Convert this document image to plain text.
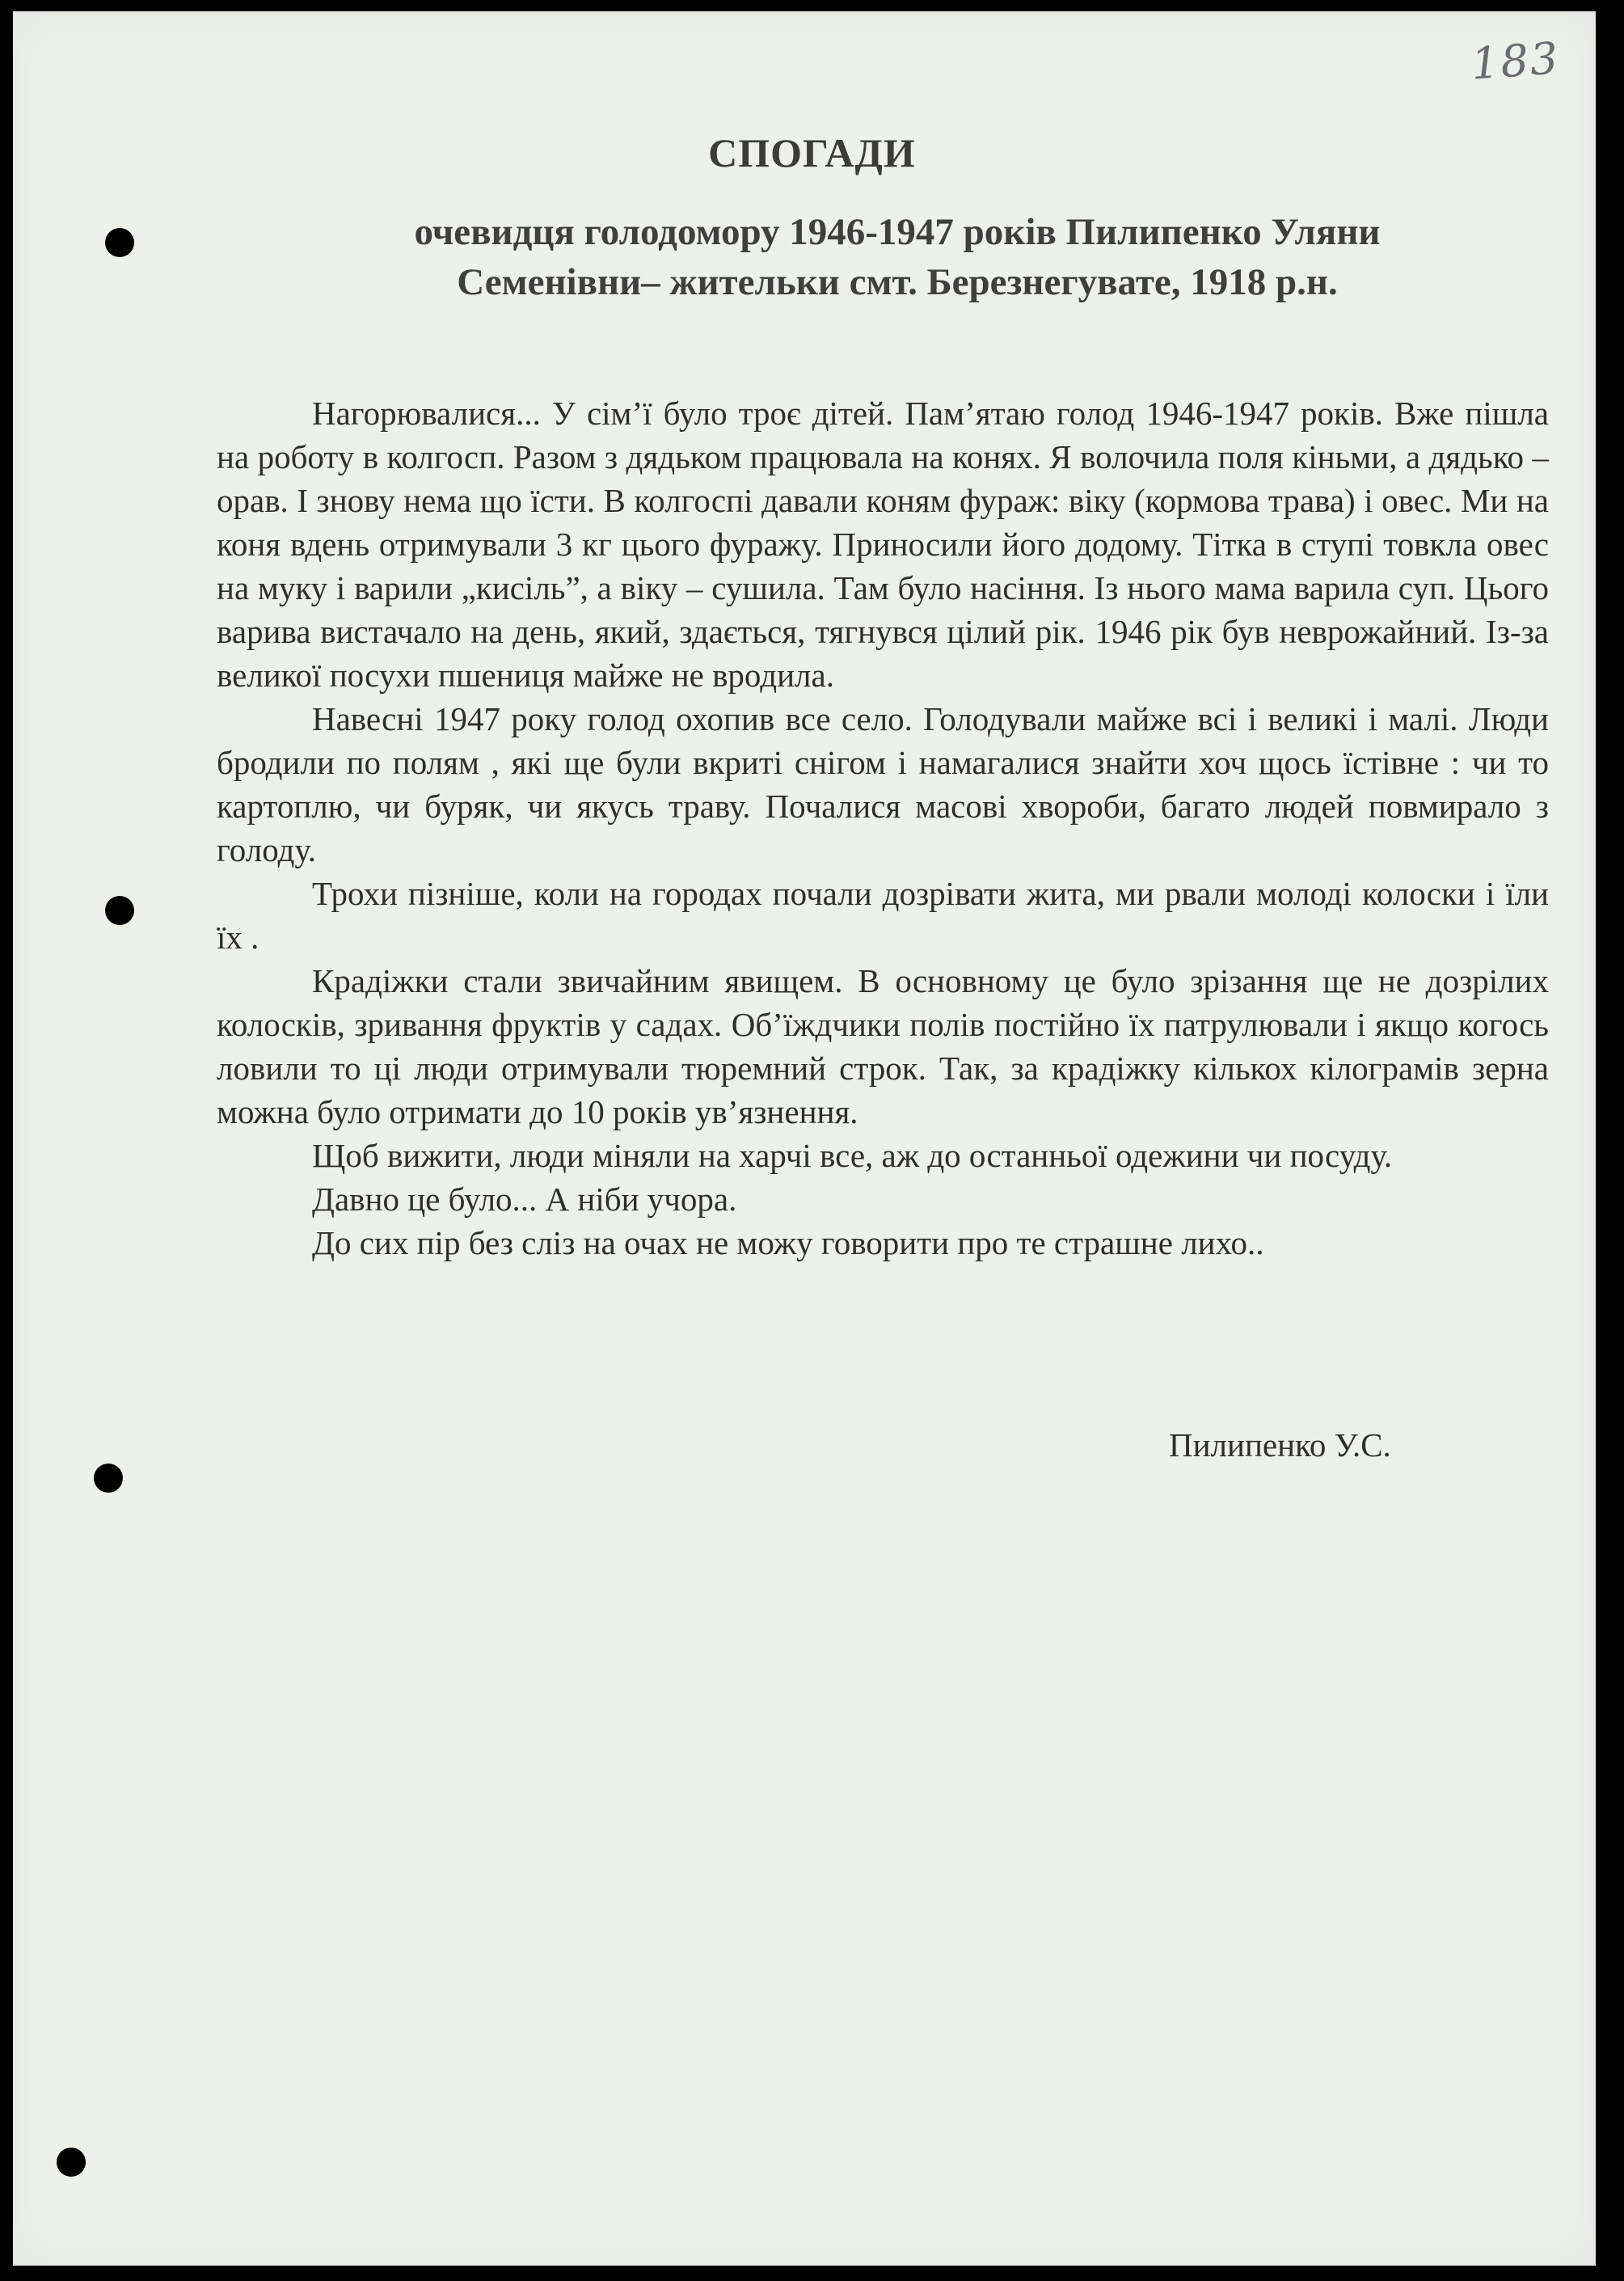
183
СПОГАДИ
очевидця голодомору 1946-1947 років Пилипенко Уляни
Семенівни– жительки смт. Березнегувате, 1918 р.н.

Нагорювалися... У сім’ї було троє дітей. Пам’ятаю голод 1946-1947 років. Вже пішла на роботу в колгосп. Разом з дядьком працювала на конях. Я волочила поля кіньми, а дядько – орав. І знову нема що їсти. В колгоспі давали коням фураж: віку (кормова трава) і овес. Ми на коня вдень отримували 3 кг цього фуражу. Приносили його додому. Тітка в ступі товкла овес на муку і варили „кисіль”, а віку – сушила. Там було насіння. Із нього мама варила суп. Цього варива вистачало на день, який, здається, тягнувся цілий рік. 1946 рік був неврожайний. Із-за великої посухи пшениця майже не вродила.

Навесні 1947 року голод охопив все село. Голодували майже всі і великі і малі. Люди бродили по полям , які ще були вкриті снігом і намагалися знайти хоч щось їстівне : чи то картоплю, чи буряк, чи якусь траву. Почалися масові хвороби, багато людей повмирало з голоду.

Трохи пізніше, коли на городах почали дозрівати жита, ми рвали молоді колоски і їли їх .

Крадіжки стали звичайним явищем. В основному це було зрізання ще не дозрілих колосків, зривання фруктів у садах. Об’їждчики полів постійно їх патрулювали і якщо когось ловили то ці люди отримували тюремний строк. Так, за крадіжку кількох кілограмів зерна можна було отримати до 10 років ув’язнення.

Щоб вижити, люди міняли на харчі все, аж до останньої одежини чи посуду.

Давно це було... А ніби учора.

До сих пір без сліз на очах не можу говорити про те страшне лихо..

Пилипенко У.С.
